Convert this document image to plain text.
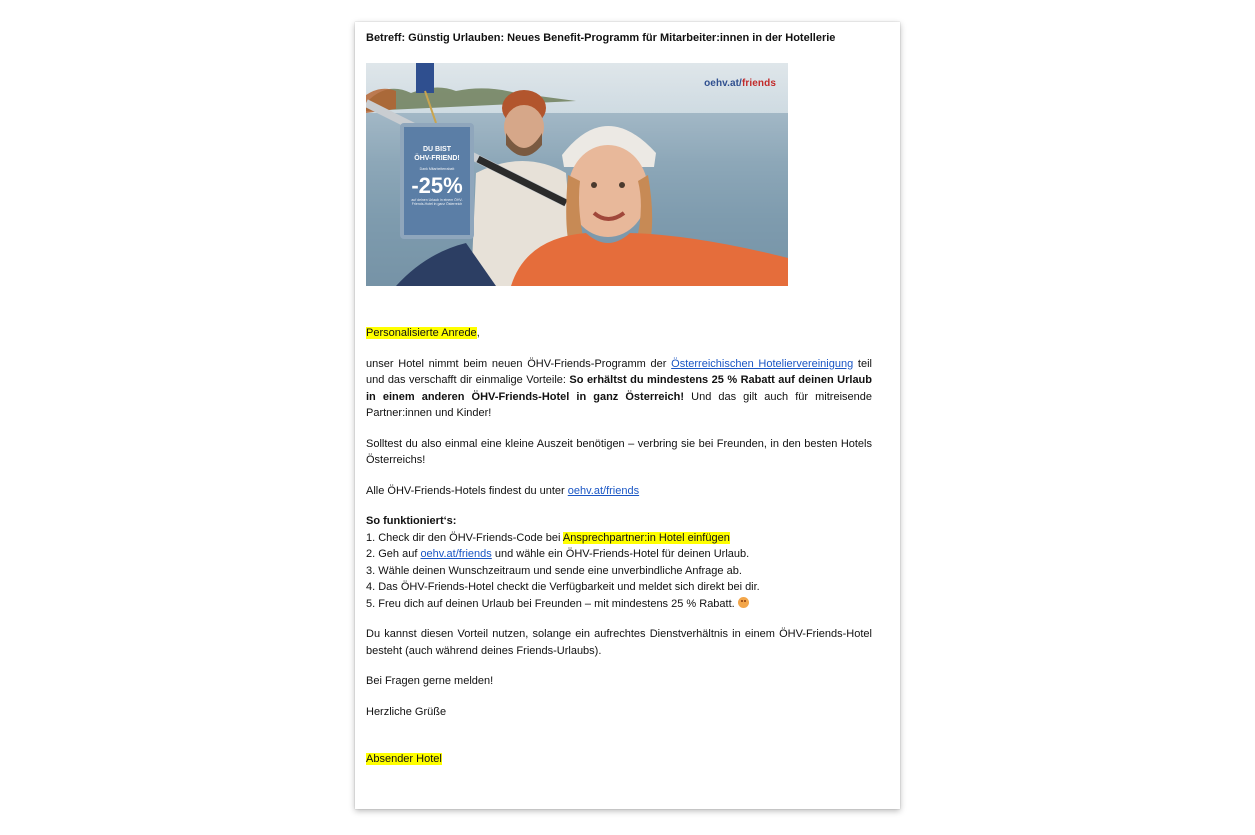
Betreff: Günstig Urlauben: Neues Benefit-Programm für Mitarbeiter:innen in der Hotellerie

oehv.at/friends
DU BIST
ÖHV-FRIEND!
Dank Mitarbeiterrabatt
-25%
auf deinen Urlaub in einem ÖHV-Friends-Hotel in ganz Österreich

Personalisierte Anrede,

unser Hotel nimmt beim neuen ÖHV-Friends-Programm der Österreichischen Hoteliervereinigung teil und das verschafft dir einmalige Vorteile: So erhältst du mindestens 25 % Rabatt auf deinen Urlaub in einem anderen ÖHV-Friends-Hotel in ganz Österreich! Und das gilt auch für mitreisende Partner:innen und Kinder!

Solltest du also einmal eine kleine Auszeit benötigen – verbring sie bei Freunden, in den besten Hotels Österreichs!

Alle ÖHV-Friends-Hotels findest du unter oehv.at/friends

So funktioniert‘s:

1. Check dir den ÖHV-Friends-Code bei Ansprechpartner:in Hotel einfügen

2. Geh auf oehv.at/friends und wähle ein ÖHV-Friends-Hotel für deinen Urlaub.

3. Wähle deinen Wunschzeitraum und sende eine unverbindliche Anfrage ab.

4. Das ÖHV-Friends-Hotel checkt die Verfügbarkeit und meldet sich direkt bei dir.

5. Freu dich auf deinen Urlaub bei Freunden – mit mindestens 25 % Rabatt.

Du kannst diesen Vorteil nutzen, solange ein aufrechtes Dienstverhältnis in einem ÖHV-Friends-Hotel besteht (auch während deines Friends-Urlaubs).

Bei Fragen gerne melden!

Herzliche Grüße

Absender Hotel
